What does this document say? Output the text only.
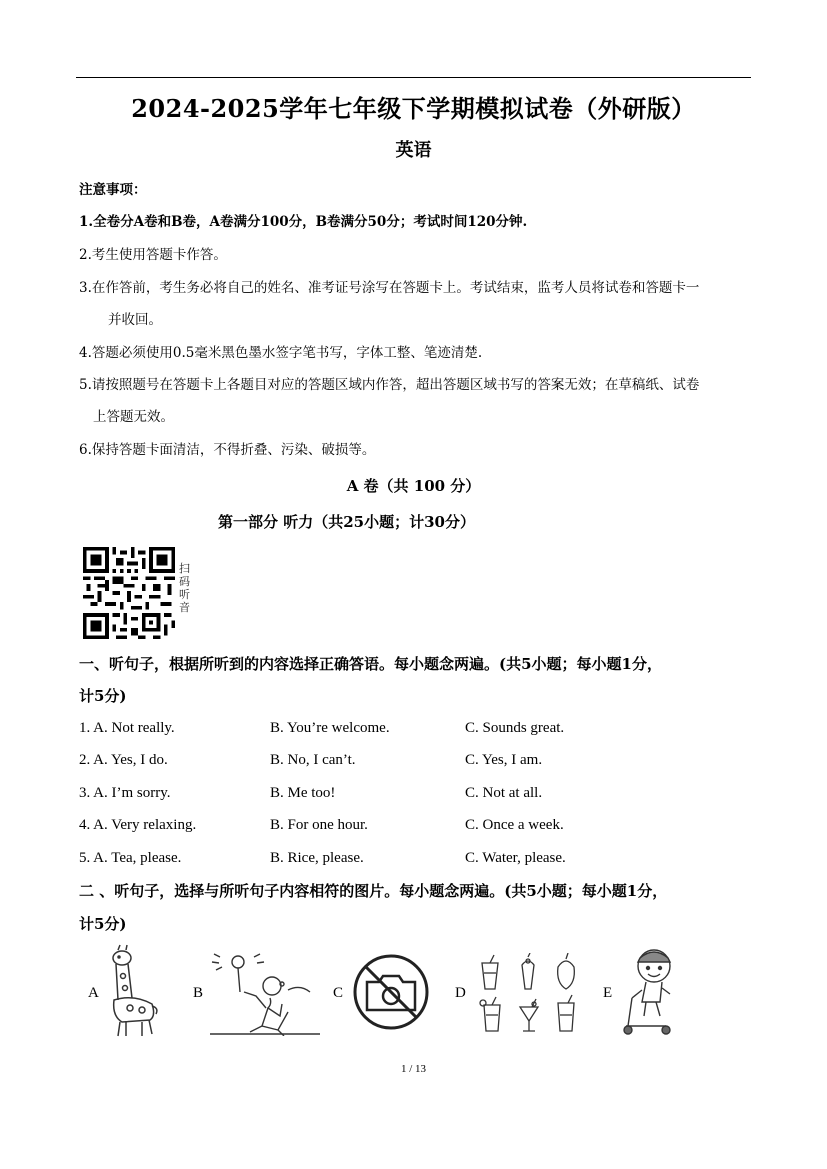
2024-2025学年七年级下学期模拟试卷（外研版）
英语
注意事项：
1.全卷分A卷和B卷，A卷满分100分，B卷满分50分；考试时间120分钟.
2.考生使用答题卡作答。
3.在作答前，考生务必将自己的姓名、准考证号涂写在答题卡上。考试结束，监考人员将试卷和答题卡一
并收回。
4.答题必须使用0.5毫米黑色墨水签字笔书写，字体工整、笔迹清楚.
5.请按照题号在答题卡上各题目对应的答题区域内作答，超出答题区域书写的答案无效；在草稿纸、试卷
上答题无效。
6.保持答题卡面清洁，不得折叠、污染、破损等。
A 卷（共 100 分）
第一部分 听力（共25小题；计30分）
扫码听音
一、听句子，根据所听到的内容选择正确答语。每小题念两遍。(共5小题；每小题1分，
计5分)
1. A. Not really.	B. You’re welcome.	C. Sounds great.
2. A. Yes, I do.	B. No, I can’t.	C. Yes, I am.
3. A. I’m sorry.	B. Me too!	C. Not at all.
4. A. Very relaxing.	B. For one hour.	C. Once a week.
5. A. Tea, please.	B. Rice, please.	C. Water, please.
二 、听句子，选择与所听句子内容相符的图片。每小题念两遍。(共5小题；每小题1分，
计5分)
A	B	C	D	E
1 / 13
